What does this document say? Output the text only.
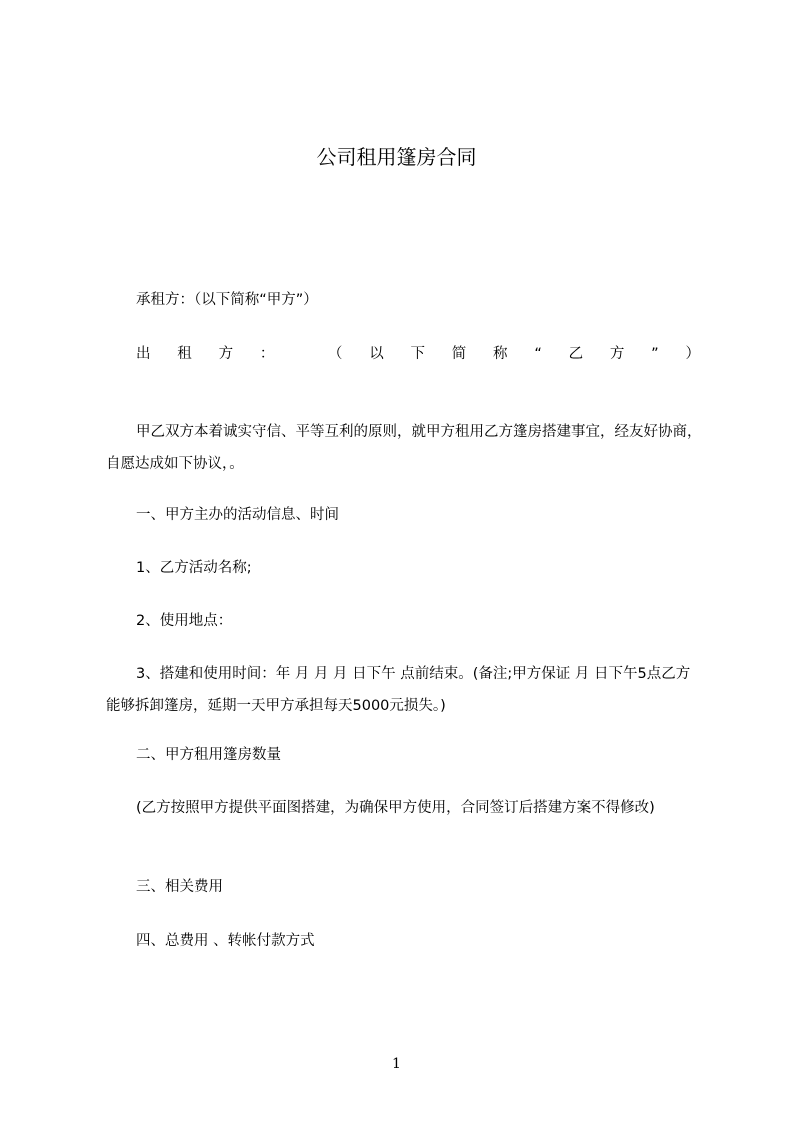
公司租用篷房合同
承租方：（以下简称“甲方”）
出 租 方 ：	（ 以 下 简 称 “ 乙 方 ” ）
甲乙双方本着诚实守信、平等互利的原则，就甲方租用乙方篷房搭建事宜，经友好协商，自愿达成如下协议，。
一、甲方主办的活动信息、时间
1、乙方活动名称;
2、使用地点：
3、搭建和使用时间：年 月 月 月 日下午 点前结束。(备注;甲方保证 月 日下午5点乙方能够拆卸篷房，延期一天甲方承担每天5000元损失。)
二、甲方租用篷房数量
(乙方按照甲方提供平面图搭建，为确保甲方使用，合同签订后搭建方案不得修改)
三、相关费用
四、总费用 、转帐付款方式
1
